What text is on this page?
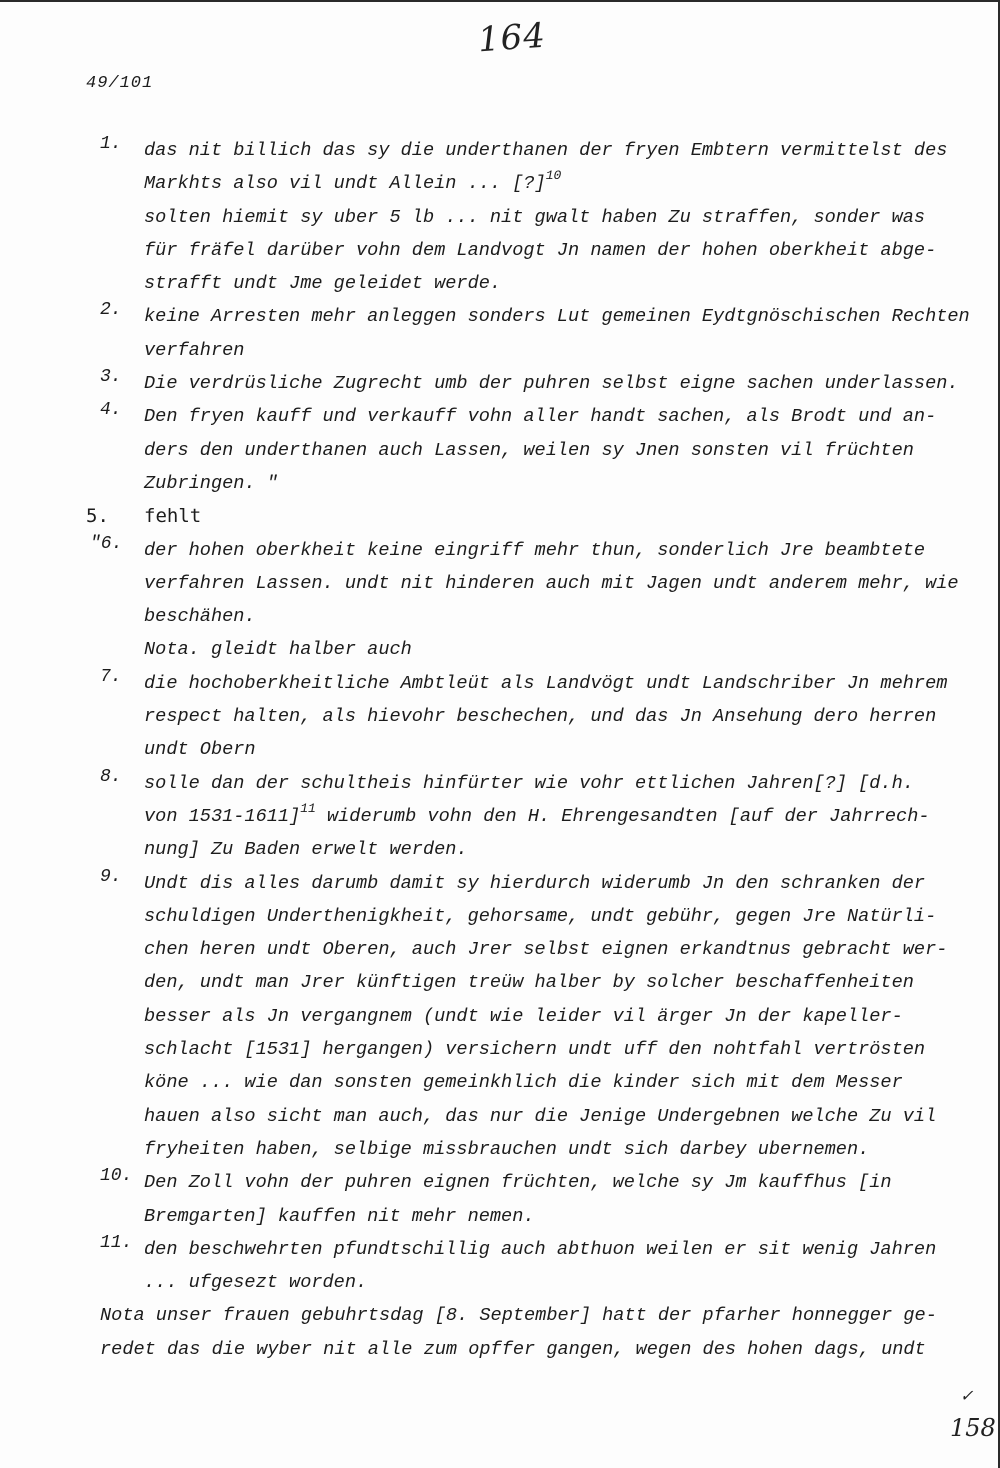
164
49/101
1. das nit billich das sy die underthanen der fryen Embtern vermittelst des
Markhts also vil undt Allein ... [?]$^{10}$
solten hiemit sy uber 5 lb ... nit gwalt haben Zu straffen, sonder was
für fräfel darüber vohn dem Landvogt Jn namen der hohen oberkheit abge-
strafft undt Jme geleidet werde.
2. keine Arresten mehr anleggen sonders Lut gemeinen Eydtgnöschischen Rechten
verfahren
3. Die verdrüsliche Zugrecht umb der puhren selbst eigne sachen underlassen.
4. Den fryen kauff und verkauff vohn aller handt sachen, als Brodt und an-
ders den underthanen auch Lassen, weilen sy Jnen sonsten vil früchten
Zubringen. "
5. fehlt
"6. der hohen oberkheit keine eingriff mehr thun, sonderlich Jre beambtete
verfahren Lassen. undt nit hinderen auch mit Jagen undt anderem mehr, wie
beschähen.
Nota. gleidt halber auch
7. die hochoberkheitliche Ambtleüt als Landvögt undt Landschriber Jn mehrem
respect halten, als hievohr beschechen, und das Jn Ansehung dero herren
undt Obern
8. solle dan der schultheis hinfürter wie vohr ettlichen Jahren[?] [d.h.
von 1531-1611]$^{11}$ widerumb vohn den H. Ehrengesandten [auf der Jahrrech-
nung] Zu Baden erwelt werden.
9. Undt dis alles darumb damit sy hierdurch widerumb Jn den schranken der
schuldigen Underthenigkheit, gehorsame, undt gebühr, gegen Jre Natürli-
chen heren undt Oberen, auch Jrer selbst eignen erkandtnus gebracht wer-
den, undt man Jrer künftigen treüw halber by solcher beschaffenheiten
besser als Jn vergangnem (undt wie leider vil ärger Jn der kapeller-
schlacht [1531] hergangen) versichern undt uff den nohtfahl vertrösten
köne ... wie dan sonsten gemeinkhlich die kinder sich mit dem Messer
hauen also sicht man auch, das nur die Jenige Undergebnen welche Zu vil
fryheiten haben, selbige missbrauchen undt sich darbey ubernemen.
10. Den Zoll vohn der puhren eignen früchten, welche sy Jm kauffhus [in
Bremgarten] kauffen nit mehr nemen.
11. den beschwehrten pfundtschillig auch abthuon weilen er sit wenig Jahren
... ufgesezt worden.
Nota unser frauen gebuhrtsdag [8. September] hatt der pfarher honnegger ge-
redet das die wyber nit alle zum opffer gangen, wegen des hohen dags, undt
✓
158
